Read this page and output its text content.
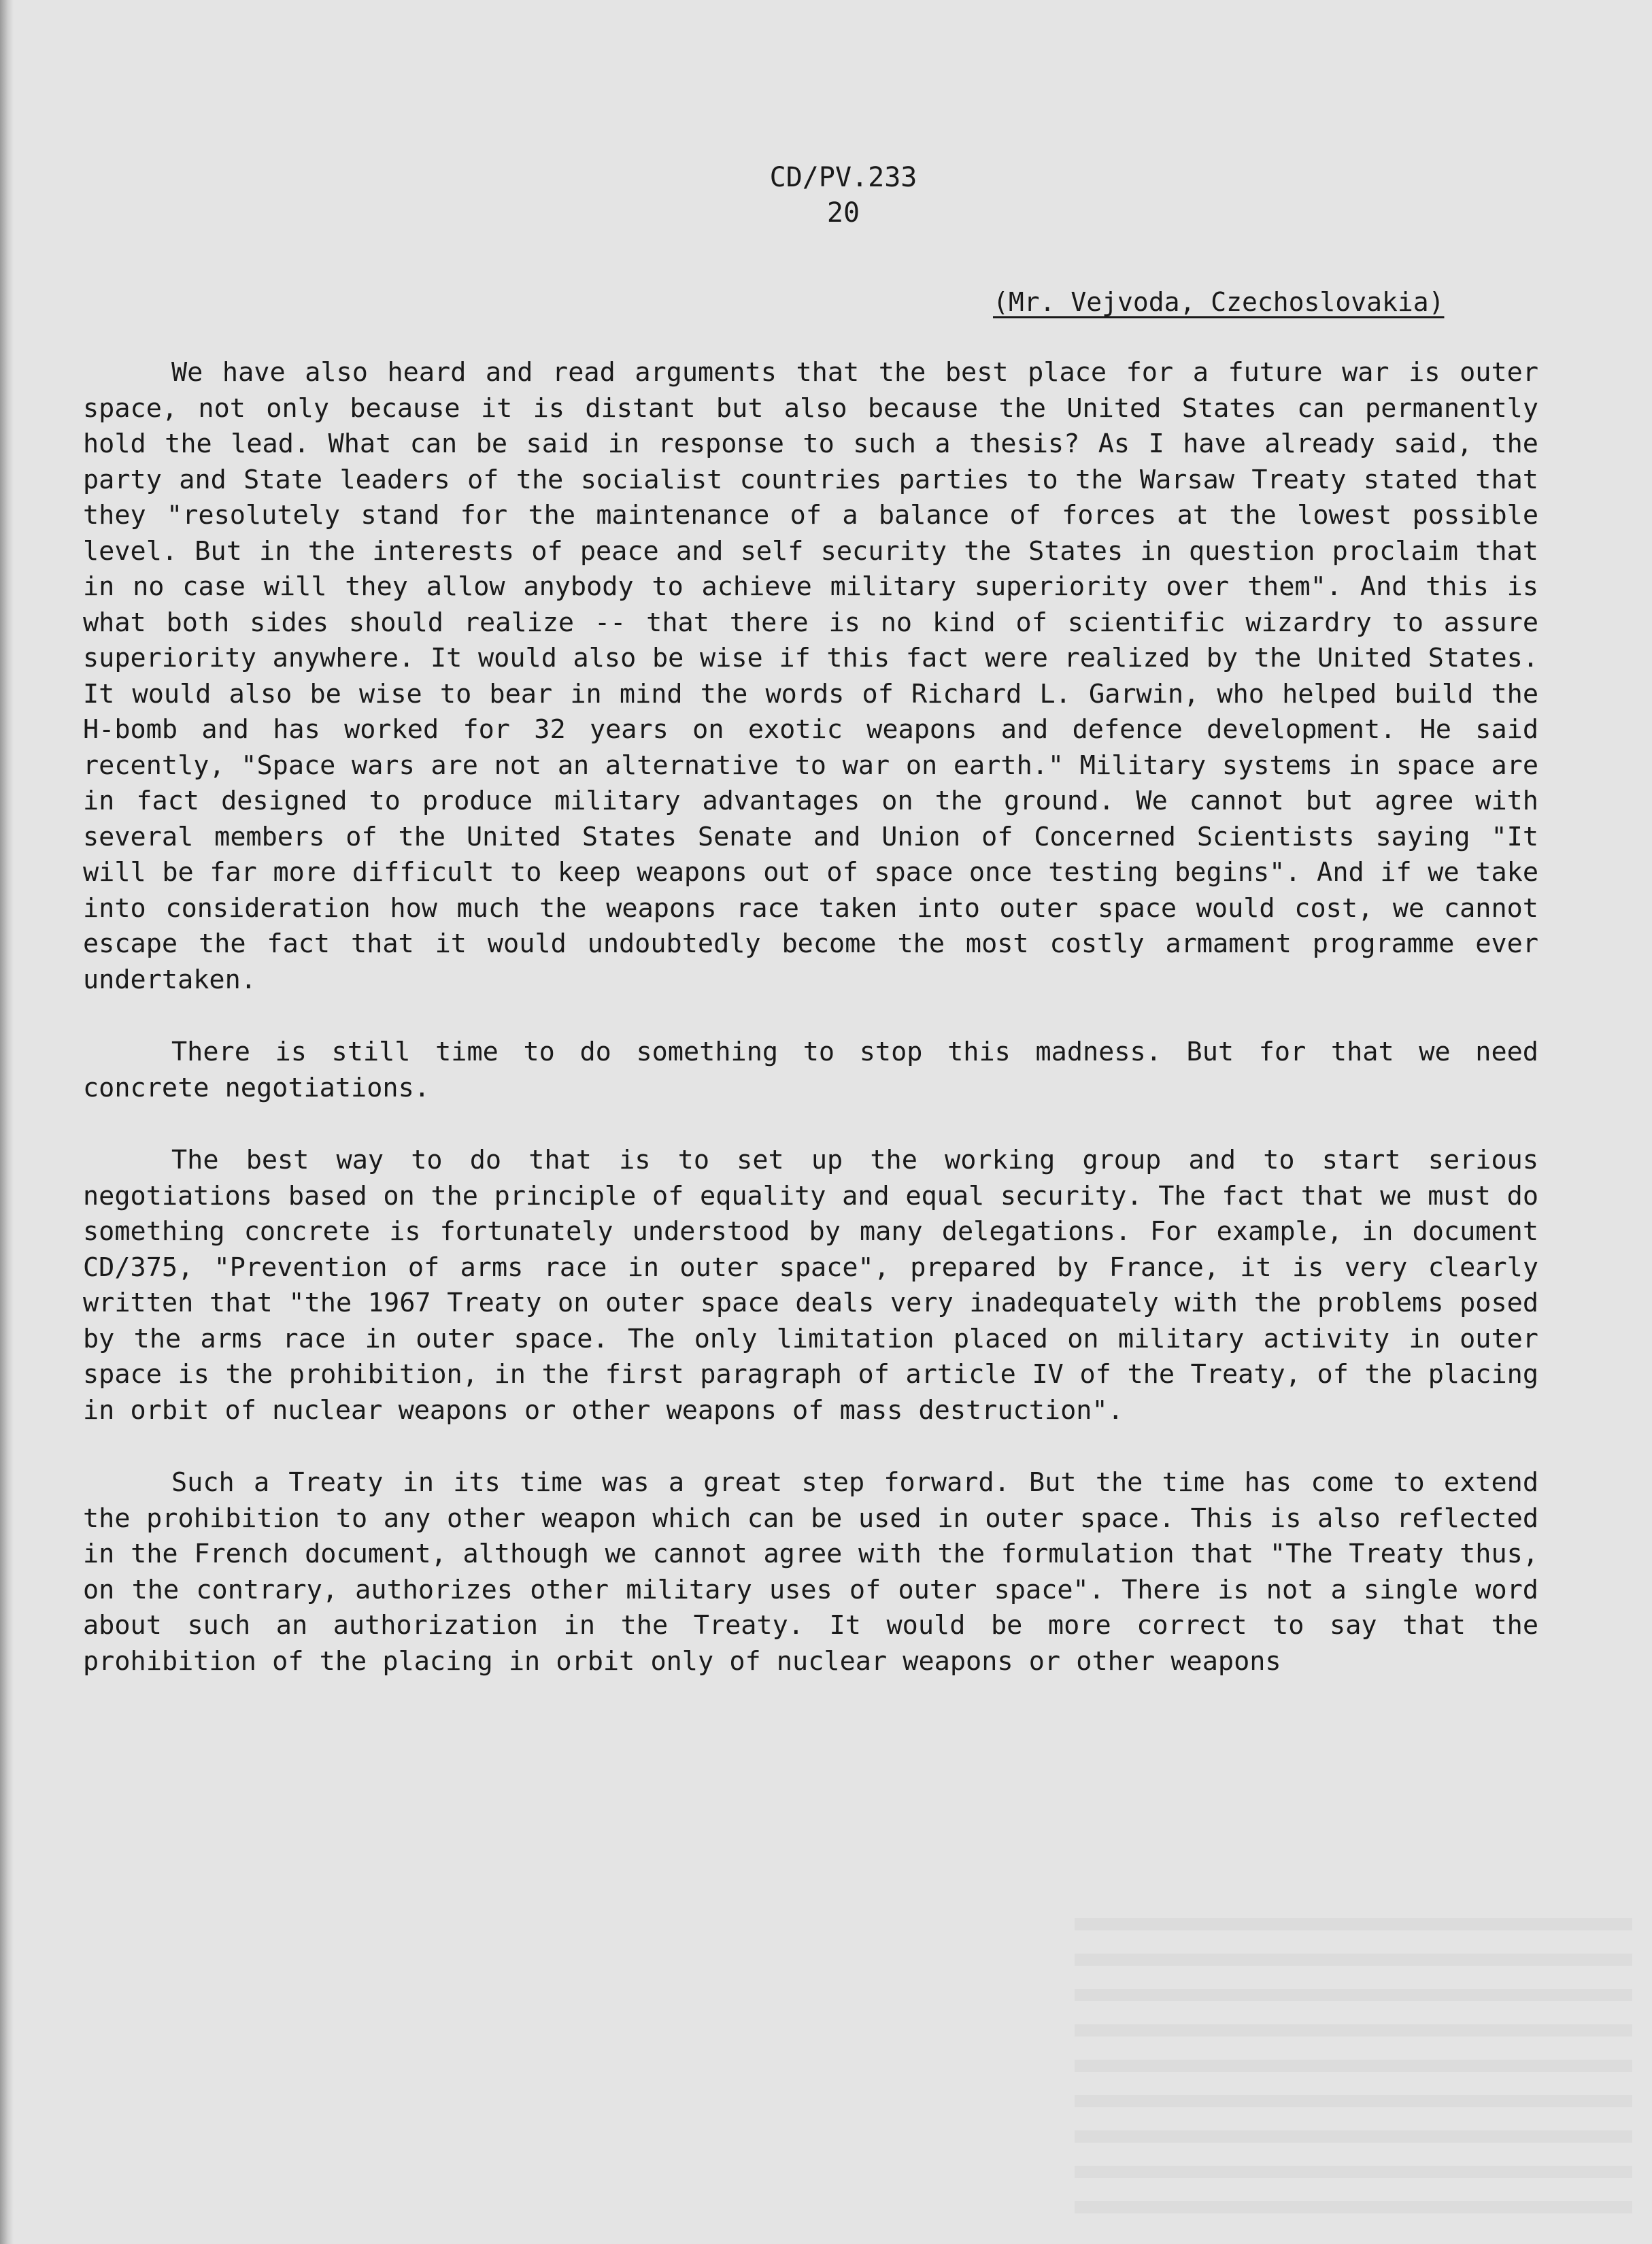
CD/PV.233
20
(Mr. Vejvoda, Czechoslovakia)

We have also heard and read arguments that the best place for a future war is outer space, not only because it is distant but also because the United States can permanently hold the lead. What can be said in response to such a thesis? As I have already said, the party and State leaders of the socialist countries parties to the Warsaw Treaty stated that they "resolutely stand for the maintenance of a balance of forces at the lowest possible level. But in the interests of peace and self security the States in question proclaim that in no case will they allow anybody to achieve military superiority over them". And this is what both sides should realize -- that there is no kind of scientific wizardry to assure superiority anywhere. It would also be wise if this fact were realized by the United States. It would also be wise to bear in mind the words of Richard L. Garwin, who helped build the H-bomb and has worked for 32 years on exotic weapons and defence development. He said recently, "Space wars are not an alternative to war on earth." Military systems in space are in fact designed to produce military advantages on the ground. We cannot but agree with several members of the United States Senate and Union of Concerned Scientists saying "It will be far more difficult to keep weapons out of space once testing begins". And if we take into consideration how much the weapons race taken into outer space would cost, we cannot escape the fact that it would undoubtedly become the most costly armament programme ever undertaken.

There is still time to do something to stop this madness. But for that we need concrete negotiations.

The best way to do that is to set up the working group and to start serious negotiations based on the principle of equality and equal security. The fact that we must do something concrete is fortunately understood by many delegations. For example, in document CD/375, "Prevention of arms race in outer space", prepared by France, it is very clearly written that "the 1967 Treaty on outer space deals very inadequately with the problems posed by the arms race in outer space. The only limitation placed on military activity in outer space is the prohibition, in the first paragraph of article IV of the Treaty, of the placing in orbit of nuclear weapons or other weapons of mass destruction".

Such a Treaty in its time was a great step forward. But the time has come to extend the prohibition to any other weapon which can be used in outer space. This is also reflected in the French document, although we cannot agree with the formulation that "The Treaty thus, on the contrary, authorizes other military uses of outer space". There is not a single word about such an authorization in the Treaty. It would be more correct to say that the prohibition of the placing in orbit only of nuclear weapons or other weapons
